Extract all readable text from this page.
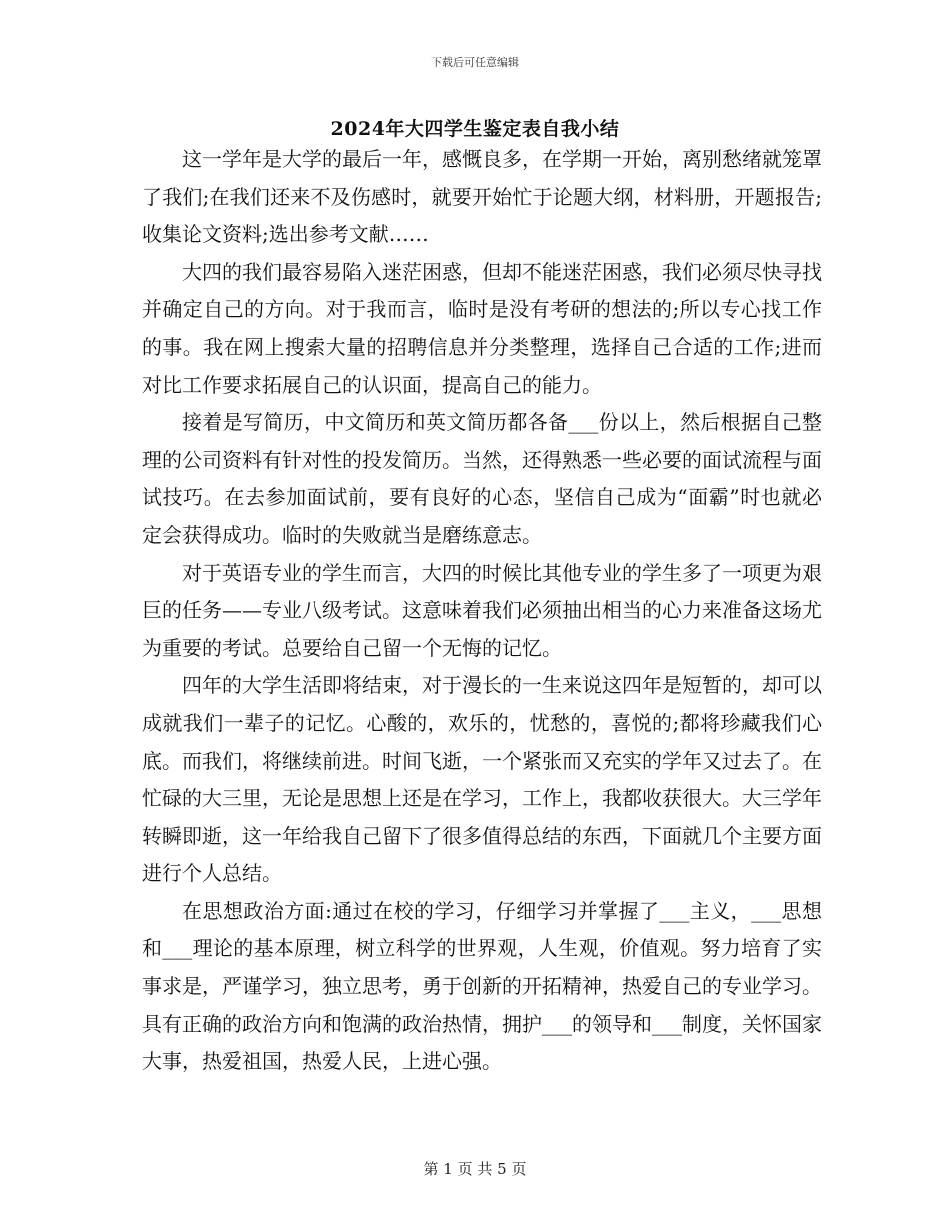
下载后可任意编辑
2024年大四学生鉴定表自我小结

这一学年是大学的最后一年，感慨良多，在学期一开始，离别愁绪就笼罩了我们;在我们还来不及伤感时，就要开始忙于论题大纲，材料册，开题报告;收集论文资料;选出参考文献……

大四的我们最容易陷入迷茫困惑，但却不能迷茫困惑，我们必须尽快寻找并确定自己的方向。对于我而言，临时是没有考研的想法的;所以专心找工作的事。我在网上搜索大量的招聘信息并分类整理，选择自己合适的工作;进而对比工作要求拓展自己的认识面，提高自己的能力。

接着是写简历，中文简历和英文简历都各备___份以上，然后根据自己整理的公司资料有针对性的投发简历。当然，还得熟悉一些必要的面试流程与面试技巧。在去参加面试前，要有良好的心态，坚信自己成为“面霸”时也就必定会获得成功。临时的失败就当是磨练意志。

对于英语专业的学生而言，大四的时候比其他专业的学生多了一项更为艰巨的任务——专业八级考试。这意味着我们必须抽出相当的心力来准备这场尤为重要的考试。总要给自己留一个无悔的记忆。

四年的大学生活即将结束，对于漫长的一生来说这四年是短暂的，却可以成就我们一辈子的记忆。心酸的，欢乐的，忧愁的，喜悦的;都将珍藏我们心底。而我们，将继续前进。时间飞逝，一个紧张而又充实的学年又过去了。在忙碌的大三里，无论是思想上还是在学习，工作上，我都收获很大。大三学年转瞬即逝，这一年给我自己留下了很多值得总结的东西，下面就几个主要方面进行个人总结。

在思想政治方面:通过在校的学习，仔细学习并掌握了___主义，___思想和___理论的基本原理，树立科学的世界观，人生观，价值观。努力培育了实事求是，严谨学习，独立思考，勇于创新的开拓精神，热爱自己的专业学习。具有正确的政治方向和饱满的政治热情，拥护___的领导和___制度，关怀国家大事，热爱祖国，热爱人民，上进心强。

第 1 页 共 5 页
